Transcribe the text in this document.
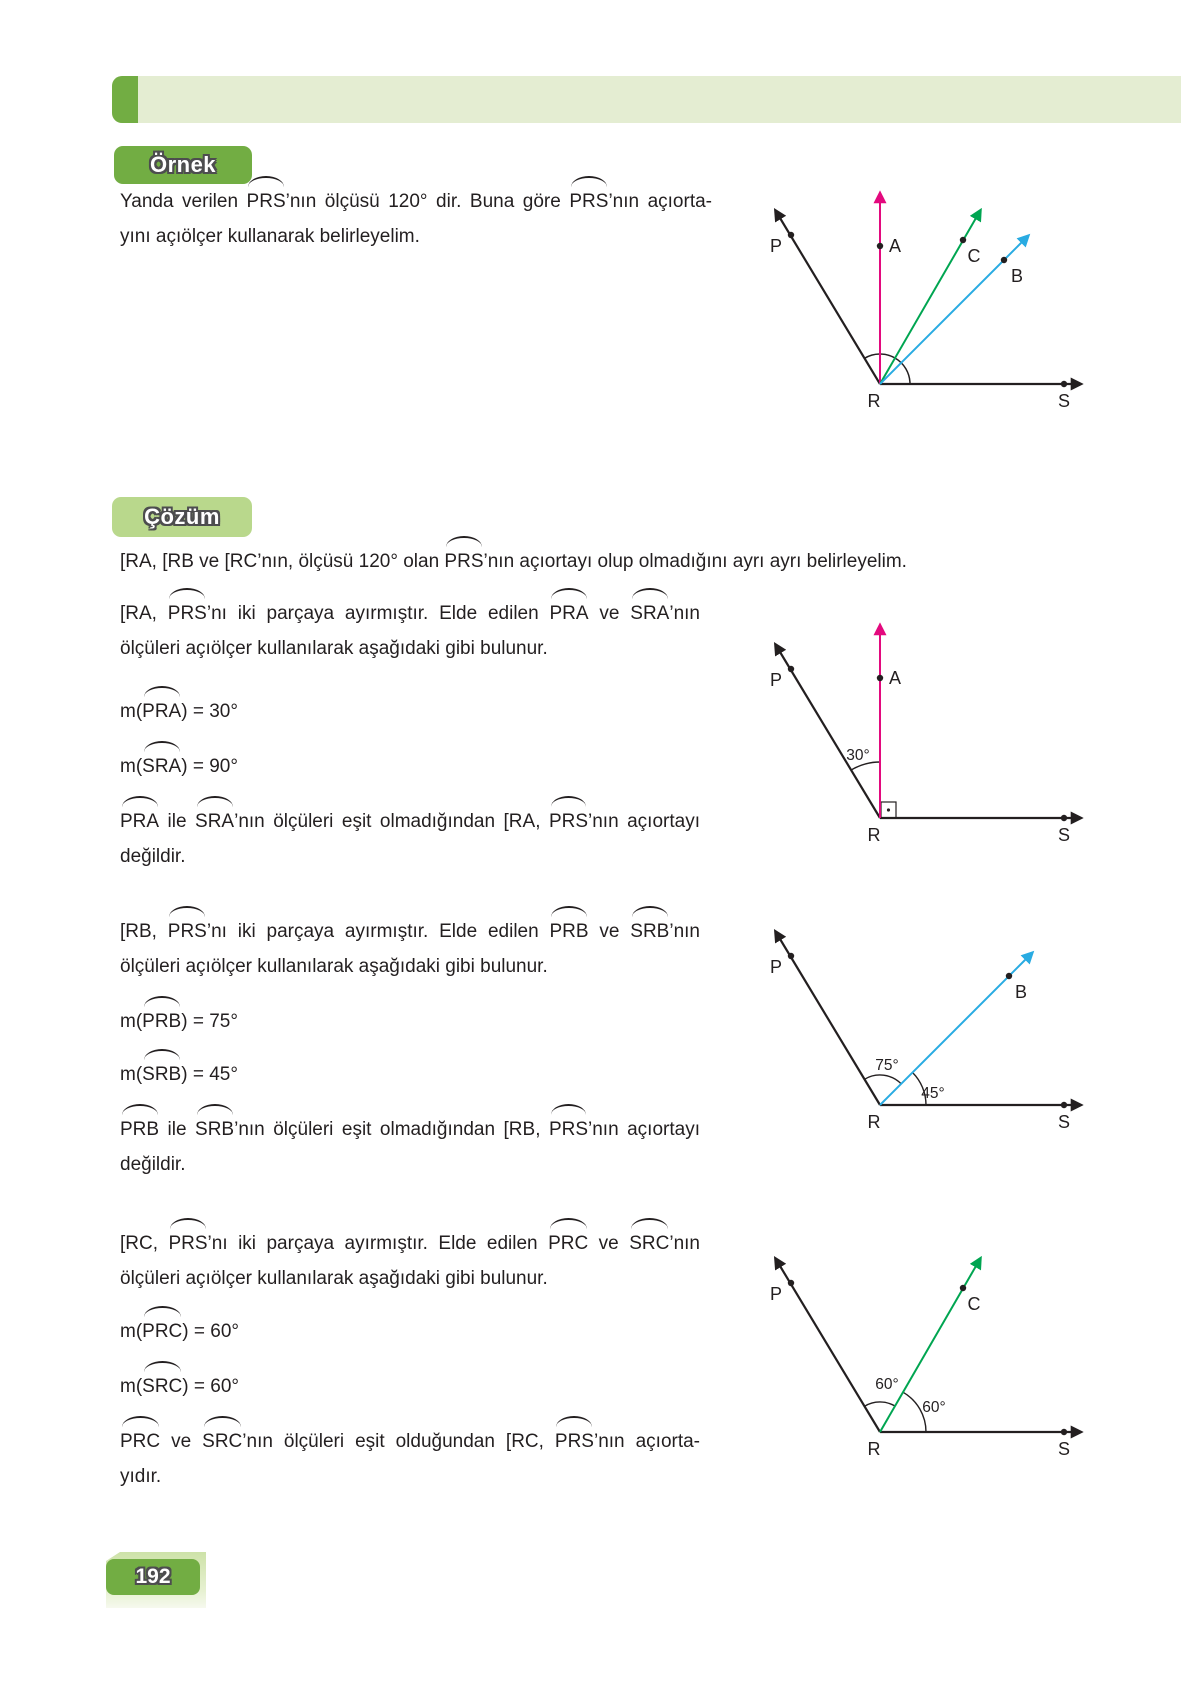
Örnek
Yanda verilen PRS’nın ölçüsü 120° dir. Buna göre PRS’nın açıorta-
yını açıölçer kullanarak belirleyelim.	P	A	C
B
R	S
Çözüm
[RA, [RB ve [RC’nın, ölçüsü 120° olan PRS’nın açıortayı olup olmadığını ayrı ayrı belirleyelim.
[RA, PRS’nı iki parçaya ayırmıştır. Elde edilen PRA ve SRA’nın
ölçüleri açıölçer kullanılarak aşağıdaki gibi bulunur.
m(PRA) = 30°
m(SRA) = 90°
PRA ile SRA’nın ölçüleri eşit olmadığından [RA, PRS’nın açıortayı
değildir.
P	A
R	S
30°
[RB, PRS’nı iki parçaya ayırmıştır. Elde edilen PRB ve SRB’nın
ölçüleri açıölçer kullanılarak aşağıdaki gibi bulunur.
m(PRB) = 75°
m(SRB) = 45°
PRB ile SRB’nın ölçüleri eşit olmadığından [RB, PRS’nın açıortayı
değildir.
P
B
R	S
75°
45°
[RC, PRS’nı iki parçaya ayırmıştır. Elde edilen PRC ve SRC’nın
ölçüleri açıölçer kullanılarak aşağıdaki gibi bulunur.
m(PRC) = 60°
m(SRC) = 60°
PRC ve SRC’nın ölçüleri eşit olduğundan [RC, PRS’nın açıorta-
yıdır.
P	C
R	S
60°
60°
192
